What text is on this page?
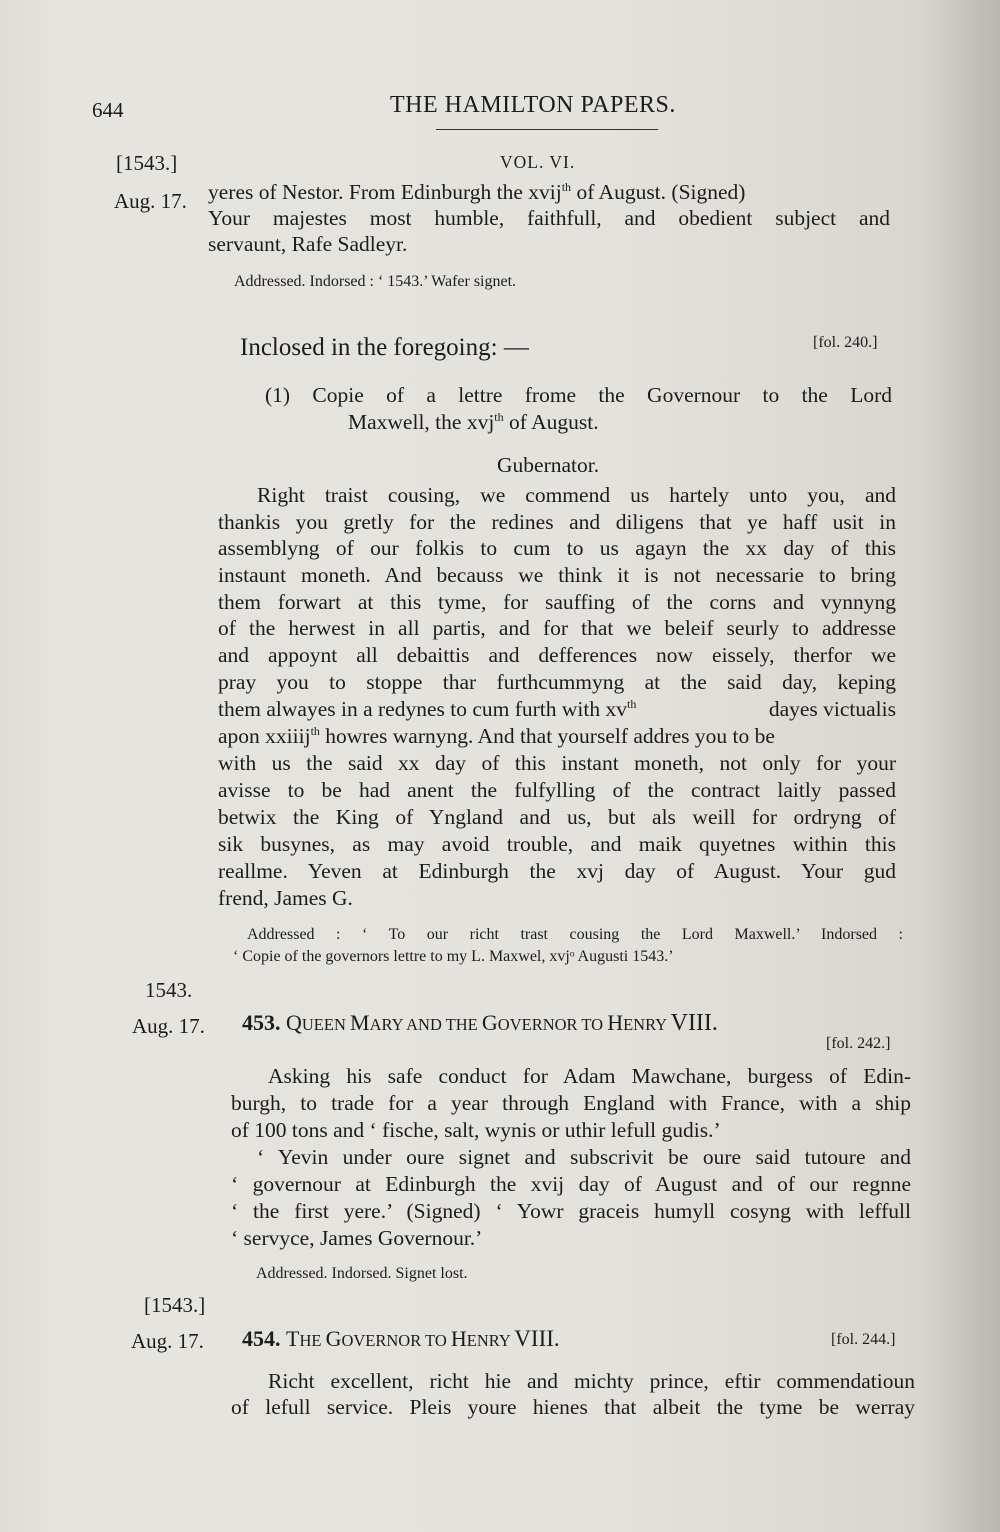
644	THE HAMILTON PAPERS.
[1543.]	VOL. VI.
Aug. 17. yeres of Nestor. From Edinburgh the xvij$^{th}$ of August. (Signed)
Your majestes most humble, faithfull, and obedient subject and
servaunt, Rafe Sadleyr.
Addressed. Indorsed : ‘ 1543.’ Wafer signet.
Inclosed in the foregoing: —	[fol. 240.]
(1) Copie of a lettre frome the Governour to the Lord
Maxwell, the xvj$^{th}$ of August.
Gubernator.
Right traist cousing, we commend us hartely unto you, and
thankis you gretly for the redines and diligens that ye haff usit in
assemblyng of our folkis to cum to us agayn the xx day of this
instaunt moneth. And becauss we think it is not necessarie to bring
them forwart at this tyme, for sauffing of the corns and vynnyng
of the herwest in all partis, and for that we beleif seurly to addresse
and appoynt all debaittis and defferences now eissely, therfor we
pray you to stoppe thar furthcummyng at the said day, keping
them alwayes in a redynes to cum furth with $xv^{th}$	dayes victualis
apon xxiiij$^{th}$ howres warnyng. And that yourself addres you to be
with us the said xx day of this instant moneth, not only for your
avisse to be had anent the fulfylling of the contract laitly passed
betwix the King of Yngland and us, but als weill for ordryng of
sik busynes, as may avoid trouble, and maik quyetnes within this
reallme. Yeven at Edinburgh the xvj day of August. Your gud
frend, James G.
Addressed : ‘ To our richt trast cousing the Lord Maxwell.’ Indorsed :
‘ Copie of the governors lettre to my L. Maxwel, xvjᵒ Augusti 1543.’
1543.
Aug. 17. 453. QUEEN MARY AND THE GOVERNOR TO HENRY VIII.
[fol. 242.]
Asking his safe conduct for Adam Mawchane, burgess of Edin-
burgh, to trade for a year through England with France, with a ship
of 100 tons and ‘ fische, salt, wynis or uthir lefull gudis.’
‘ Yevin under oure signet and subscrivit be oure said tutoure and
‘ governour at Edinburgh the xvij day of August and of our regnne
‘ the first yere.’ (Signed) ‘ Yowr graceis humyll cosyng with leffull
‘ servyce, James Governour.’
Addressed. Indorsed. Signet lost.
[1543.]
Aug. 17. 454. THE GOVERNOR TO HENRY VIII.	[fol. 244.]
Richt excellent, richt hie and michty prince, eftir commendatioun
of lefull service. Pleis youre hienes that albeit the tyme be werray
